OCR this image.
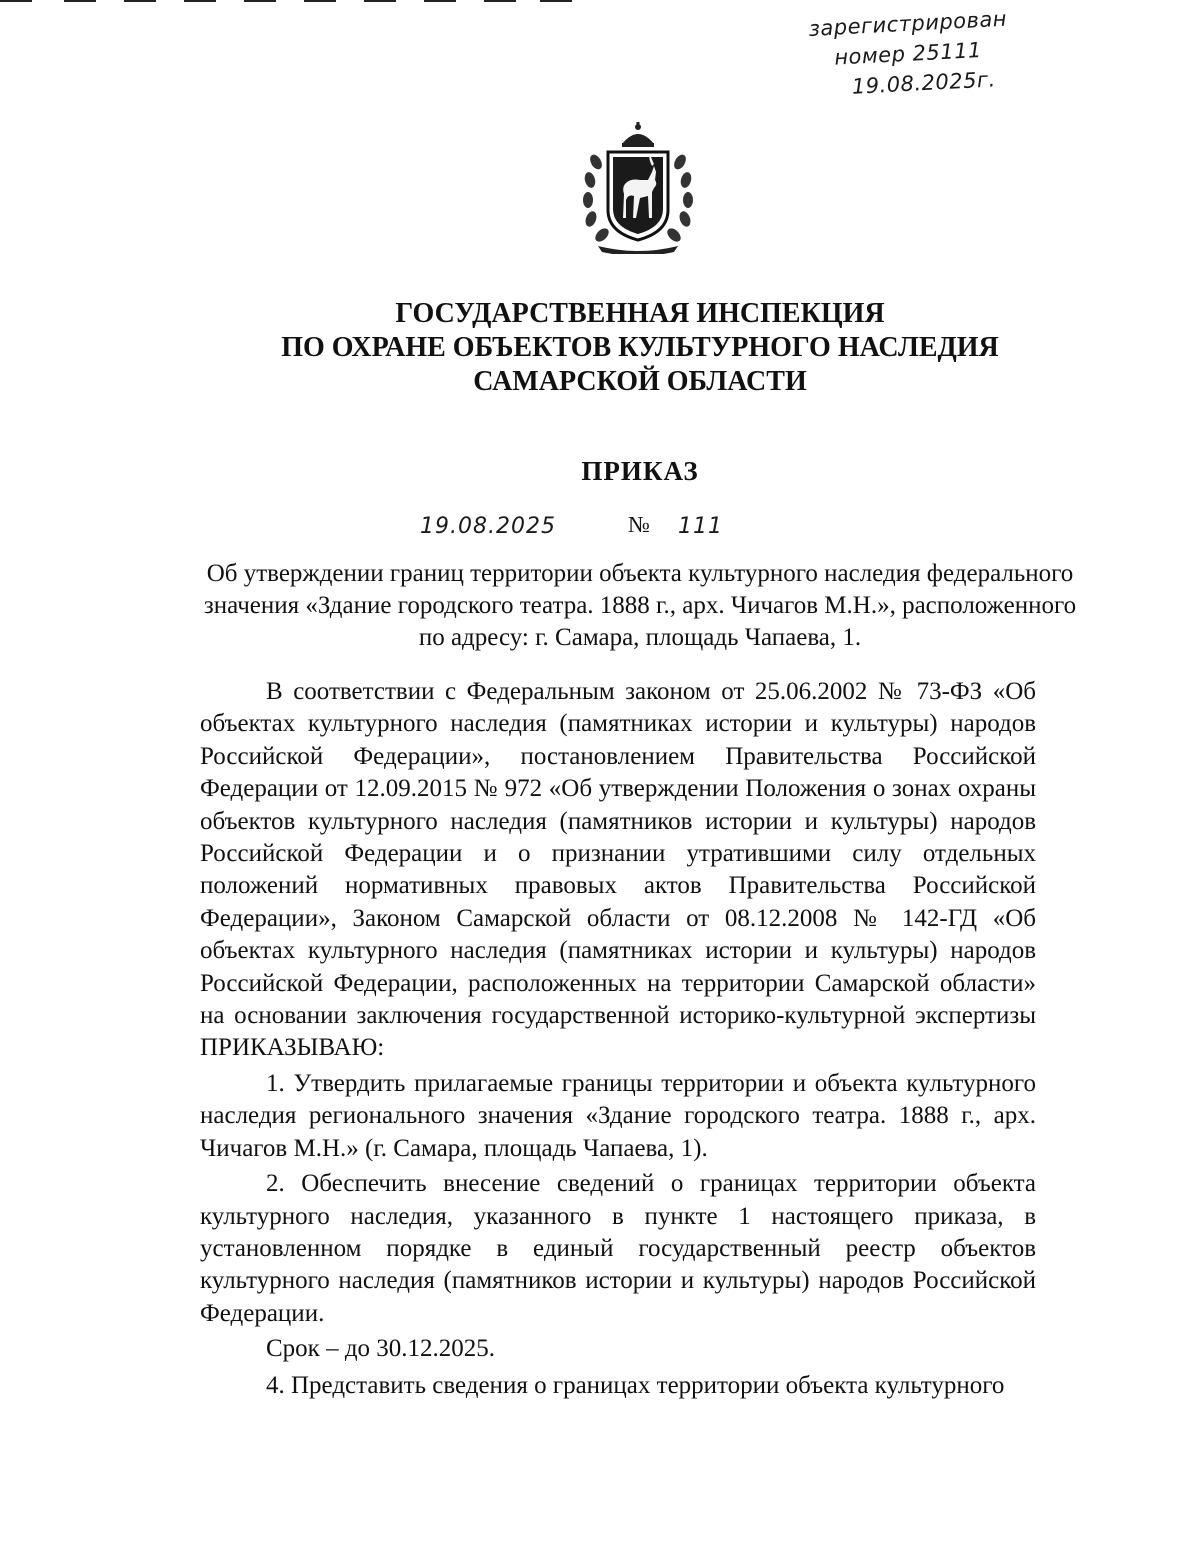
зарегистрирован
номер 25111
19.08.2025г.
ГОСУДАРСТВЕННАЯ ИНСПЕКЦИЯ
ПО ОХРАНЕ ОБЪЕКТОВ КУЛЬТУРНОГО НАСЛЕДИЯ
САМАРСКОЙ ОБЛАСТИ
ПРИКАЗ
19.08.2025	№ 111
Об утверждении границ территории объекта культурного наследия федерального значения «Здание городского театра. 1888 г., арх. Чичагов М.Н.», расположенного по адресу: г. Самара, площадь Чапаева, 1.

В соответствии с Федеральным законом от 25.06.2002 № 73-ФЗ «Об объектах культурного наследия (памятниках истории и культуры) народов Российской Федерации», постановлением Правительства Российской Федерации от 12.09.2015 № 972 «Об утверждении Положения о зонах охраны объектов культурного наследия (памятников истории и культуры) народов Российской Федерации и о признании утратившими силу отдельных положений нормативных правовых актов Правительства Российской Федерации», Законом Самарской области от 08.12.2008 № 142-ГД «Об объектах культурного наследия (памятниках истории и культуры) народов Российской Федерации, расположенных на территории Самарской области» на основании заключения государственной историко-культурной экспертизы ПРИКАЗЫВАЮ:

1. Утвердить прилагаемые границы территории и объекта культурного наследия регионального значения «Здание городского театра. 1888 г., арх. Чичагов М.Н.» (г. Самара, площадь Чапаева, 1).

2. Обеспечить внесение сведений о границах территории объекта культурного наследия, указанного в пункте 1 настоящего приказа, в установленном порядке в единый государственный реестр объектов культурного наследия (памятников истории и культуры) народов Российской Федерации.

Срок – до 30.12.2025.

4. Представить сведения о границах территории объекта культурного
